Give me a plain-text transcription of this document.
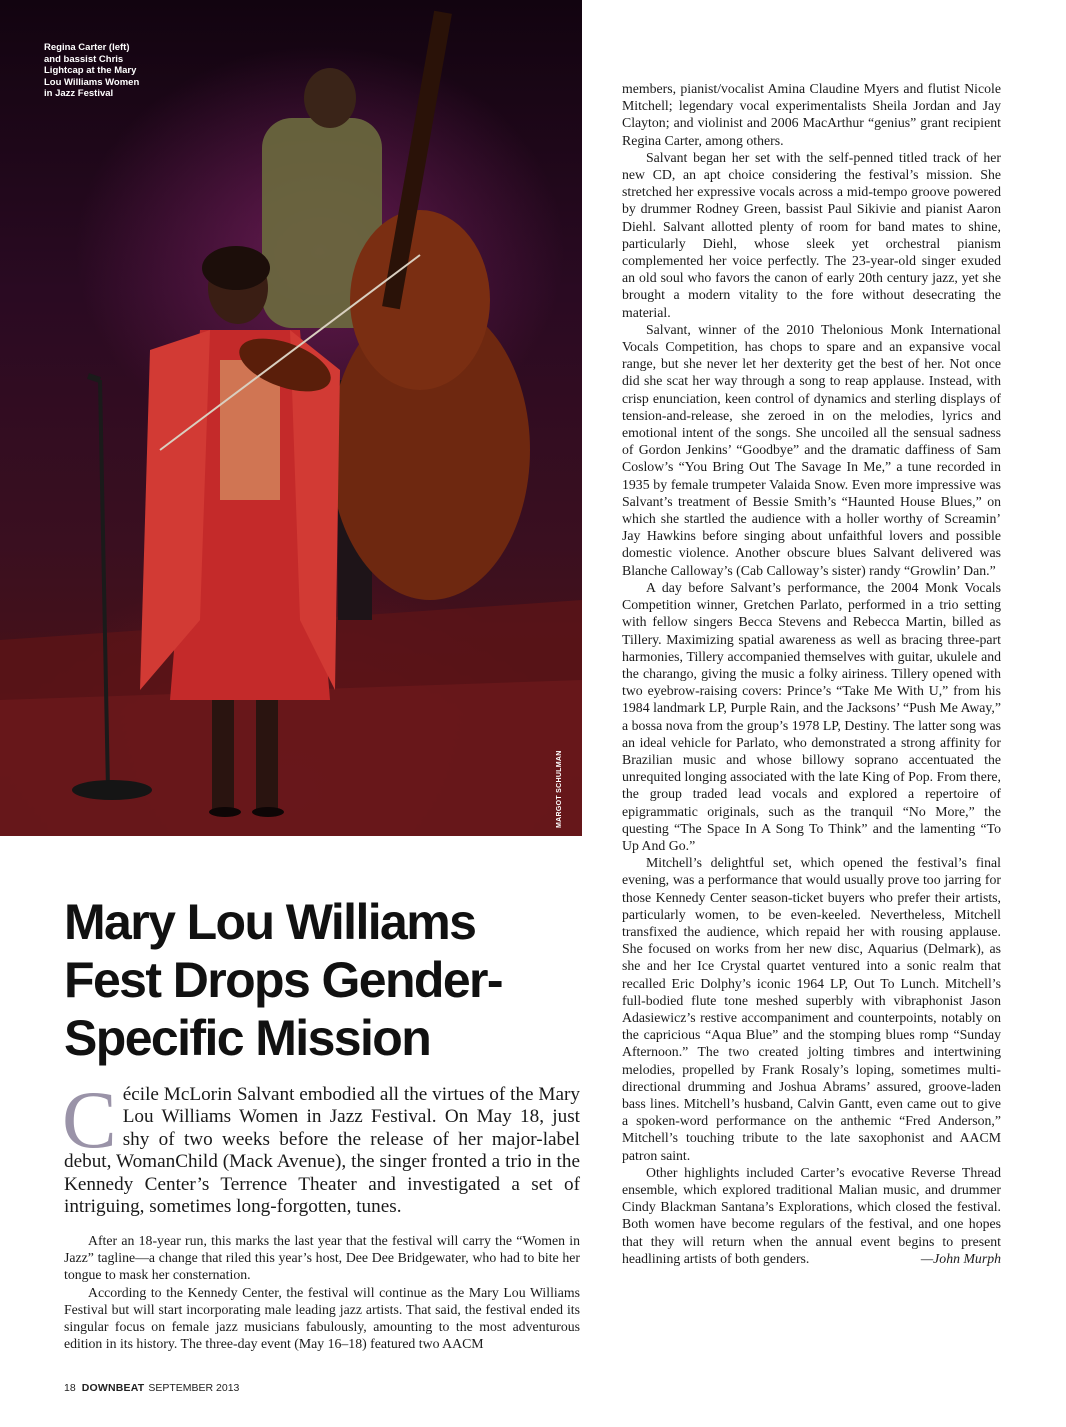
Regina Carter (left) and bassist Chris Lightcap at the Mary Lou Williams Women in Jazz Festival
MARGOT SCHULMAN
Mary Lou Williams Fest Drops Gender-Specific Mission

C écile McLorin Salvant embodied all the virtues of the Mary Lou Williams Women in Jazz Festival. On May 18, just shy of two weeks before the release of her major-label debut, WomanChild (Mack Avenue), the singer fronted a trio in the Kennedy Center’s Terrence Theater and investigated a set of intriguing, sometimes long-forgotten, tunes.

After an 18-year run, this marks the last year that the festival will carry the “Women in Jazz” tagline—a change that riled this year’s host, Dee Dee Bridgewater, who had to bite her tongue to mask her consternation.

According to the Kennedy Center, the festival will continue as the Mary Lou Williams Festival but will start incorporating male leading jazz artists. That said, the festival ended its singular focus on female jazz musicians fabulously, amounting to the most adventurous edition in its history. The three-day event (May 16–18) featured two AACM

members, pianist/vocalist Amina Claudine Myers and flutist Nicole Mitchell; legendary vocal experimentalists Sheila Jordan and Jay Clayton; and violinist and 2006 MacArthur “genius” grant recipient Regina Carter, among others.

Salvant began her set with the self-penned titled track of her new CD, an apt choice considering the festival’s mission. She stretched her expressive vocals across a mid-tempo groove powered by drummer Rodney Green, bassist Paul Sikivie and pianist Aaron Diehl. Salvant allotted plenty of room for band mates to shine, particularly Diehl, whose sleek yet orchestral pianism complemented her voice perfectly. The 23-year-old singer exuded an old soul who favors the canon of early 20th century jazz, yet she brought a modern vitality to the fore without desecrating the material.

Salvant, winner of the 2010 Thelonious Monk International Vocals Competition, has chops to spare and an expansive vocal range, but she never let her dexterity get the best of her. Not once did she scat her way through a song to reap applause. Instead, with crisp enunciation, keen control of dynamics and sterling displays of tension-and-release, she zeroed in on the melodies, lyrics and emotional intent of the songs. She uncoiled all the sensual sadness of Gordon Jenkins’ “Goodbye” and the dramatic daffiness of Sam Coslow’s “You Bring Out The Savage In Me,” a tune recorded in 1935 by female trumpeter Valaida Snow. Even more impressive was Salvant’s treatment of Bessie Smith’s “Haunted House Blues,” on which she startled the audience with a holler worthy of Screamin’ Jay Hawkins before singing about unfaithful lovers and possible domestic violence. Another obscure blues Salvant delivered was Blanche Calloway’s (Cab Calloway’s sister) randy “Growlin’ Dan.”

A day before Salvant’s performance, the 2004 Monk Vocals Competition winner, Gretchen Parlato, performed in a trio setting with fellow singers Becca Stevens and Rebecca Martin, billed as Tillery. Maximizing spatial awareness as well as bracing three-part harmonies, Tillery accompanied themselves with guitar, ukulele and the charango, giving the music a folky airiness. Tillery opened with two eyebrow-raising covers: Prince’s “Take Me With U,” from his 1984 landmark LP, Purple Rain, and the Jacksons’ “Push Me Away,” a bossa nova from the group’s 1978 LP, Destiny. The latter song was an ideal vehicle for Parlato, who demonstrated a strong affinity for Brazilian music and whose billowy soprano accentuated the unrequited longing associated with the late King of Pop. From there, the group traded lead vocals and explored a repertoire of epigrammatic originals, such as the tranquil “No More,” the questing “The Space In A Song To Think” and the lamenting “To Up And Go.”

Mitchell’s delightful set, which opened the festival’s final evening, was a performance that would usually prove too jarring for those Kennedy Center season-ticket buyers who prefer their artists, particularly women, to be even-keeled. Nevertheless, Mitchell transfixed the audience, which repaid her with rousing applause. She focused on works from her new disc, Aquarius (Delmark), as she and her Ice Crystal quartet ventured into a sonic realm that recalled Eric Dolphy’s iconic 1964 LP, Out To Lunch. Mitchell’s full-bodied flute tone meshed superbly with vibraphonist Jason Adasiewicz’s restive accompaniment and counterpoints, notably on the capricious “Aqua Blue” and the stomping blues romp “Sunday Afternoon.” The two created jolting timbres and intertwining melodies, propelled by Frank Rosaly’s loping, sometimes multi-directional drumming and Joshua Abrams’ assured, groove-laden bass lines. Mitchell’s husband, Calvin Gantt, even came out to give a spoken-word performance on the anthemic “Fred Anderson,” Mitchell’s touching tribute to the late saxophonist and AACM patron saint.

Other highlights included Carter’s evocative Reverse Thread ensemble, which explored traditional Malian music, and drummer Cindy Blackman Santana’s Explorations, which closed the festival. Both women have become regulars of the festival, and one hopes that they will return when the annual event begins to present headlining artists of both genders.	—John Murph

18 DOWNBEAT SEPTEMBER 2013
